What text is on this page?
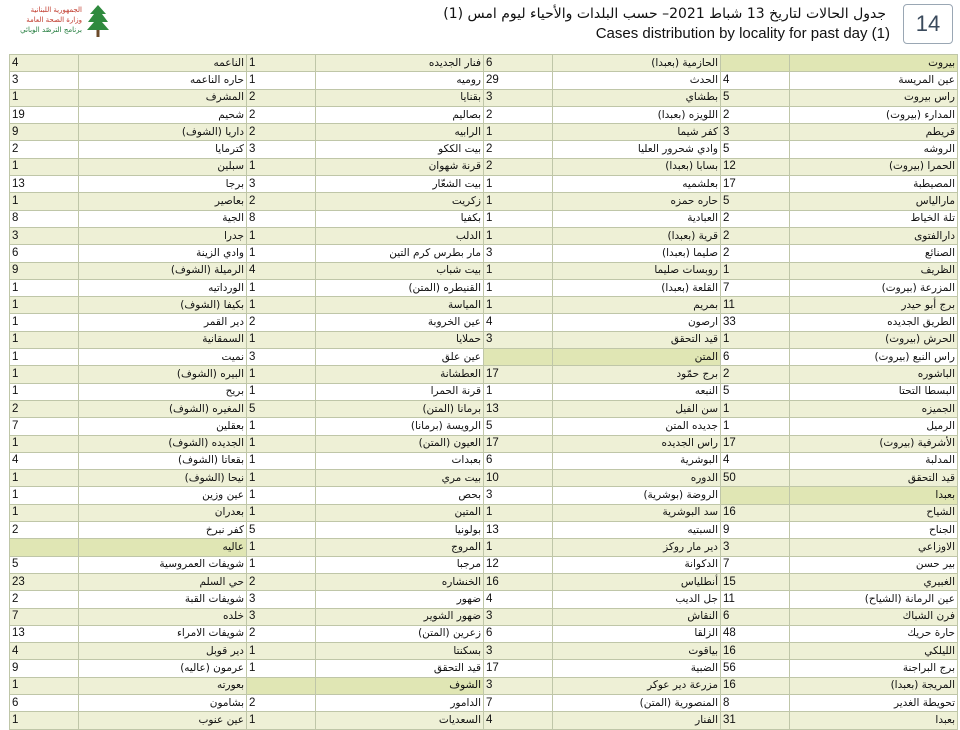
الجمهورية اللبنانية
وزارة الصحة العامة
برنامج الترصّد الوبائي
جدول الحالات لتاريخ 13 شباط 2021– حسب البلدات والأحياء ليوم امس (1)
Cases distribution by locality for past day (1)	14
بيروت		الحازمية (بعبدا)	6	فنار الجديده	1	الناعمه	4
عين المريسة	4	الحدث	29	روميه	1	حاره الناعمه	3
راس بيروت	5	بطشاي	3	بقنايا	2	المشرف	1
المدارء (بيروت)	2	اللويزه (بعبدا)	2	بصاليم	2	شحيم	19
قريطم	3	كفر شيما	1	الرابيه	2	داريا (الشوف)	9
الروشه	5	وادي شحرور العليا	2	بيت الككو	3	كترمايا	2
الحمرا (بيروت)	12	بسابا (بعبدا)	2	قرنة شهوان	1	سبلين	1
المصيطبة	17	بعلشميه	1	بيت الشعّار	3	برجا	13
مارالياس	5	حاره حمزه	1	زكريت	2	بعاصير	1
تلة الخياط	2	العبادية	1	بكفيا	8	الجية	8
دارالفتوى	2	قرية (بعبدا)	1	الدلب	1	جدرا	3
الصنائع	2	صليما (بعبدا)	3	مار بطرس كرم التين	1	وادي الزينة	6
الظريف	1	روبسات صليما	1	بيت شباب	4	الرميلة (الشوف)	9
المزرعة (بيروت)	7	القلعة (بعبدا)	1	القنيطره (المتن)	1	الورداتيه	1
برج أبو حيدر	11	بمريم	1	المياسة	1	بكيفا (الشوف)	1
الطريق الجديده	33	ارصون	4	عين الخروبة	2	دير القمر	1
الحرش (بيروت)	1	قيد التحقق	3	حملايا	1	السمقانية	1
راس النبع (بيروت)	6	المتن		عين علق	3	نميت	1
الباشوره	2	برج حمّود	17	العطشانة	1	البيره (الشوف)	1
البسطا التحتا	5	النبعه	1	قرنة الحمرا	1	بريح	1
الجميزه	1	سن الفيل	13	برمانا (المتن)	5	المغيره (الشوف)	2
الرميل	1	جديده المتن	5	الرويسة (برمانا)	1	بعقلين	7
الأشرفية (بيروت)	17	راس الجديده	17	العيون (المتن)	1	الجديده (الشوف)	1
المدلبة	4	البوشرية	6	بعبدات	1	بقعاتا (الشوف)	4
قيد التحقق	50	الدوره	10	بيت مري	1	نيحا (الشوف)	1
بعبدا		الروضة (بوشرية)	3	بحص	1	عين وزين	1
الشياح	16	سد البوشرية	1	المتين	1	بعدران	1
الجناح	9	السبتيه	13	بولونيا	5	كفر نبرخ	2
الاوزاعي	3	دير مار روكز	1	المروج	1	عاليه	
بير حسن	7	الدكوانة	12	مرجبا	1	شويفات العمروسية	5
الغبيري	15	أنطلياس	16	الخنشاره	2	حي السلم	23
عين الرمانة (الشياح)	11	جل الديب	4	ضهور	3	شويفات القبة	2
فرن الشباك	6	النقاش	3	ضهور الشوير	3	خلده	7
حارة حريك	48	الزلقا	6	زعرين (المتن)	2	شويفات الامراء	13
الليلكي	16	بياقوت	3	بسكنتا	1	دير قوبل	4
برج البراجنة	56	الضبية	17	قيد التحقق	1	عرمون (عاليه)	9
المريجة (بعبدا)	16	مزرعة دير عوكر	3	الشوف		بعورته	1
تحويطة الغدير	8	المنصورية (المتن)	7	الدامور	2	بشامون	6
بعبدا	31	الفنار	4	السعديات	1	عين عنوب	1
